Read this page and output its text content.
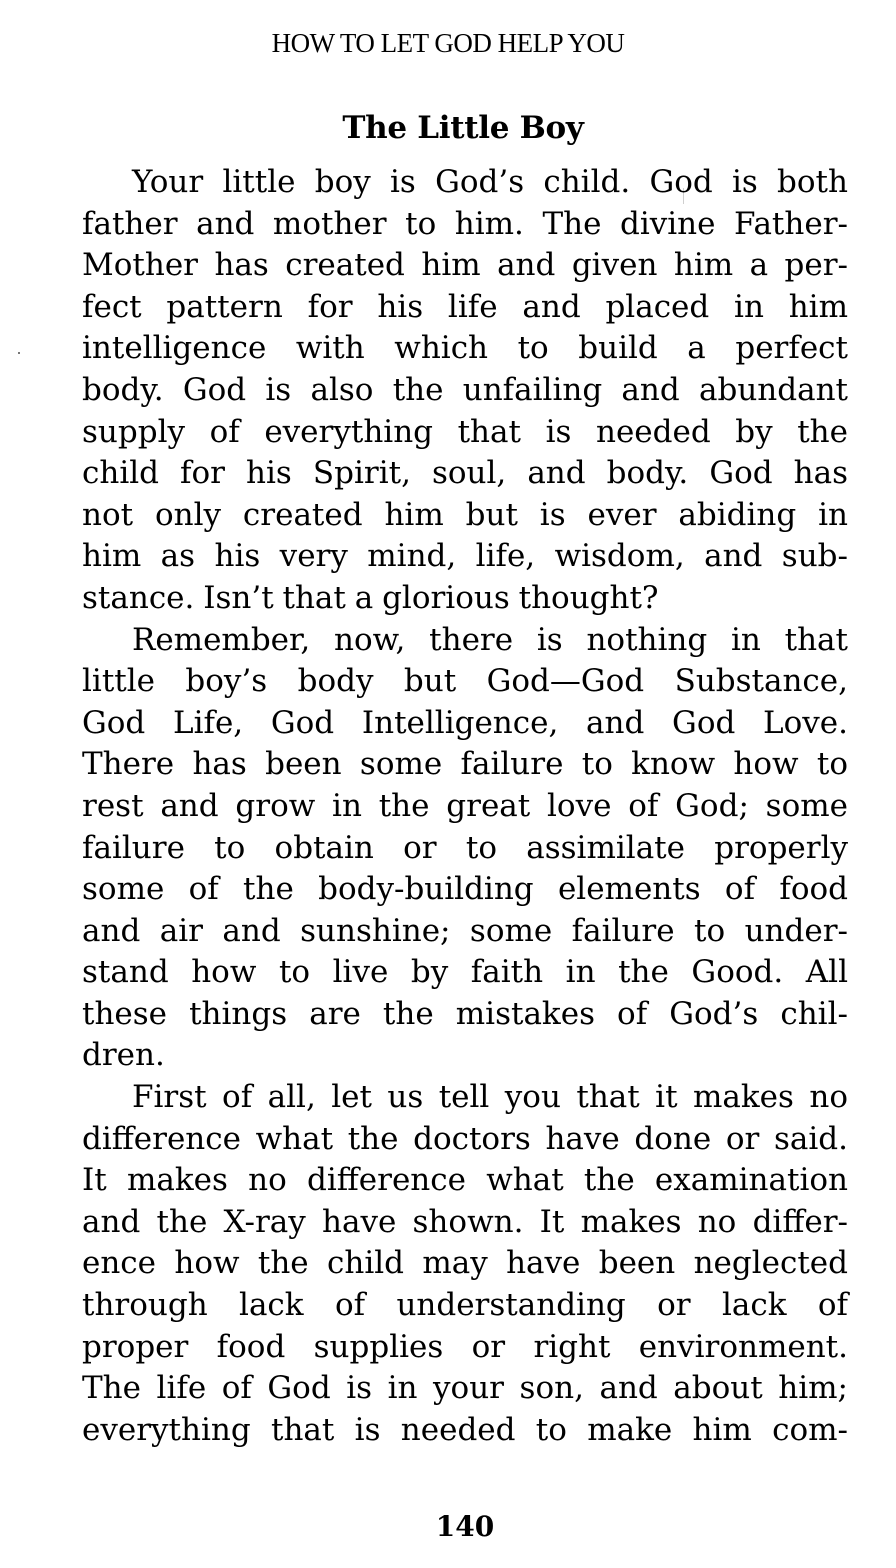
HOW TO LET GOD HELP YOU
The Little Boy
Your little boy is God’s child. God is both
father and mother to him. The divine Father-
Mother has created him and given him a per-
fect pattern for his life and placed in him
intelligence with which to build a perfect
body. God is also the unfailing and abundant
supply of everything that is needed by the
child for his Spirit, soul, and body. God has
not only created him but is ever abiding in
him as his very mind, life, wisdom, and sub-
stance. Isn’t that a glorious thought?
Remember, now, there is nothing in that
little boy’s body but God—God Substance,
God Life, God Intelligence, and God Love.
There has been some failure to know how to
rest and grow in the great love of God; some
failure to obtain or to assimilate properly
some of the body-building elements of food
and air and sunshine; some failure to under-
stand how to live by faith in the Good. All
these things are the mistakes of God’s chil-
dren.
First of all, let us tell you that it makes no
difference what the doctors have done or said.
It makes no difference what the examination
and the X-ray have shown. It makes no differ-
ence how the child may have been neglected
through lack of understanding or lack of
proper food supplies or right environment.
The life of God is in your son, and about him;
everything that is needed to make him com-
140
